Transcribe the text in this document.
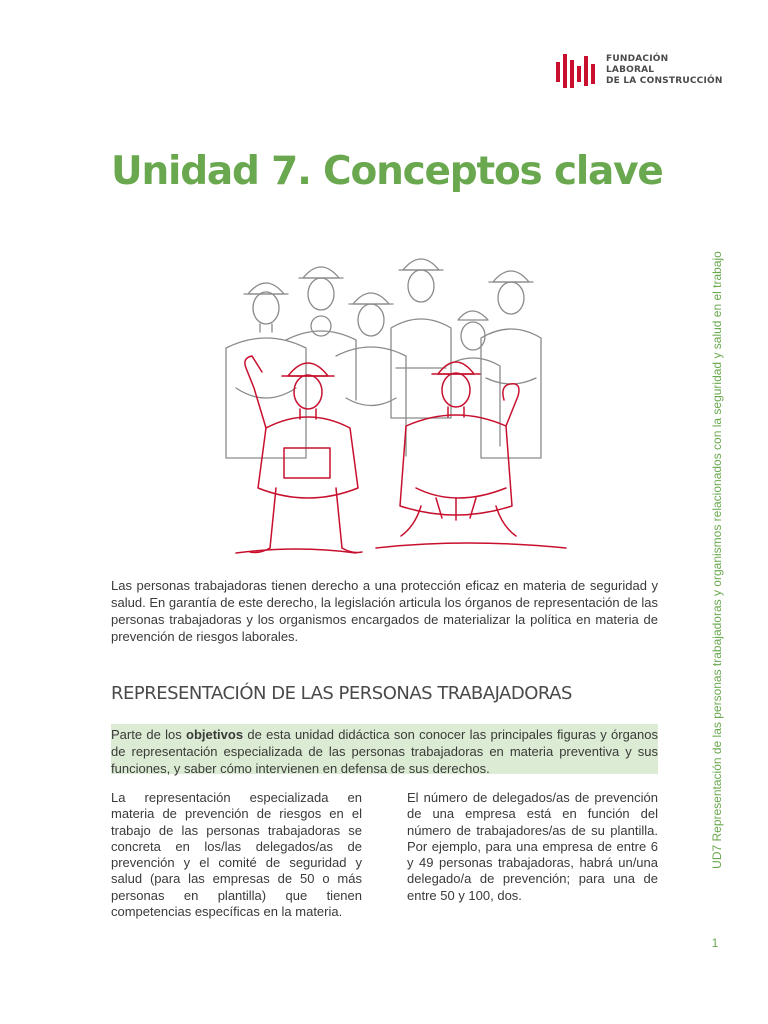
FUNDACIÓN
LABORAL
DE LA CONSTRUCCIÓN
Unidad 7. Conceptos clave

Las personas trabajadoras tienen derecho a una protección eficaz en materia de seguridad y salud. En garantía de este derecho, la legislación articula los órganos de representación de las personas trabajadoras y los organismos encargados de materializar la política en materia de prevención de riesgos laborales.

REPRESENTACIÓN DE LAS PERSONAS TRABAJADORAS

Parte de los objetivos de esta unidad didáctica son conocer las principales figuras y órganos de representación especializada de las personas trabajadoras en materia preventiva y sus funciones, y saber cómo intervienen en defensa de sus derechos.

La representación especializada en materia de prevención de riesgos en el trabajo de las personas trabajadoras se concreta en los/las delegados/as de prevención y el comité de seguridad y salud (para las empresas de 50 o más personas en plantilla) que tienen competencias específicas en la materia.

El número de delegados/as de prevención de una empresa está en función del número de trabajadores/as de su plantilla. Por ejemplo, para una empresa de entre 6 y 49 personas trabajadoras, habrá un/una delegado/a de prevención; para una de entre 50 y 100, dos.

UD7 Representación de las personas trabajadoras y organismos relacionados con la seguridad y salud en el trabajo
1
